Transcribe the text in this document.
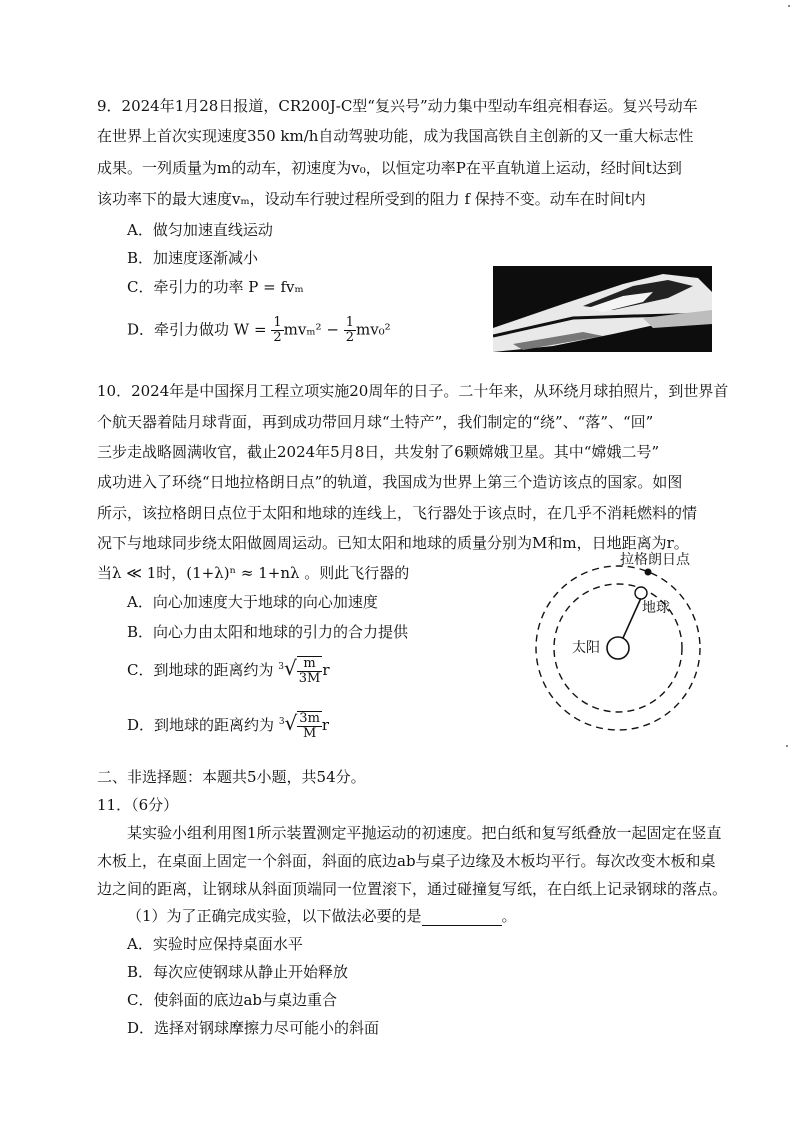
9．2024年1月28日报道，CR200J-C型“复兴号”动力集中型动车组亮相春运。复兴号动车
在世界上首次实现速度350 km/h自动驾驶功能，成为我国高铁自主创新的又一重大标志性
成果。一列质量为m的动车，初速度为v₀，以恒定功率P在平直轨道上运动，经时间t达到
该功率下的最大速度vₘ，设动车行驶过程所受到的阻力 f 保持不变。动车在时间t内
A．做匀加速直线运动
B．加速度逐渐减小
C．牵引力的功率 P = fvₘ
D．牵引力做功 $W = \frac{1}{2} mv_m^2 - \frac{1}{2} mv_0^2$
10．2024年是中国探月工程立项实施20周年的日子。二十年来，从环绕月球拍照片，到世界首
个航天器着陆月球背面，再到成功带回月球“土特产”，我们制定的“绕”、“落”、“回”
三步走战略圆满收官，截止2024年5月8日，共发射了6颗嫦娥卫星。其中“嫦娥二号”
成功进入了环绕“日地拉格朗日点”的轨道，我国成为世界上第三个造访该点的国家。如图
所示，该拉格朗日点位于太阳和地球的连线上，飞行器处于该点时，在几乎不消耗燃料的情
况下与地球同步绕太阳做圆周运动。已知太阳和地球的质量分别为M和m，日地距离为r。
当λ ≪ 1时，(1+λ)ⁿ ≈ 1+nλ 。则此飞行器的
A．向心加速度大于地球的向心加速度
B．向心力由太阳和地球的引力的合力提供
C．到地球的距离约为 $^3√ \frac{m}{3M}$ r
D．到地球的距离约为 $^3√ \frac{3m}{M}$ r
拉格朗日点
地球
太阳
二、非选择题：本题共5小题，共54分。
11．（6分）
某实验小组利用图1所示装置测定平抛运动的初速度。把白纸和复写纸叠放一起固定在竖直
木板上，在桌面上固定一个斜面，斜面的底边ab与桌子边缘及木板均平行。每次改变木板和桌
边之间的距离，让钢球从斜面顶端同一位置滚下，通过碰撞复写纸，在白纸上记录钢球的落点。
（1）为了正确完成实验，以下做法必要的是	。
A．实验时应保持桌面水平
B．每次应使钢球从静止开始释放
C．使斜面的底边ab与桌边重合
D．选择对钢球摩擦力尽可能小的斜面
